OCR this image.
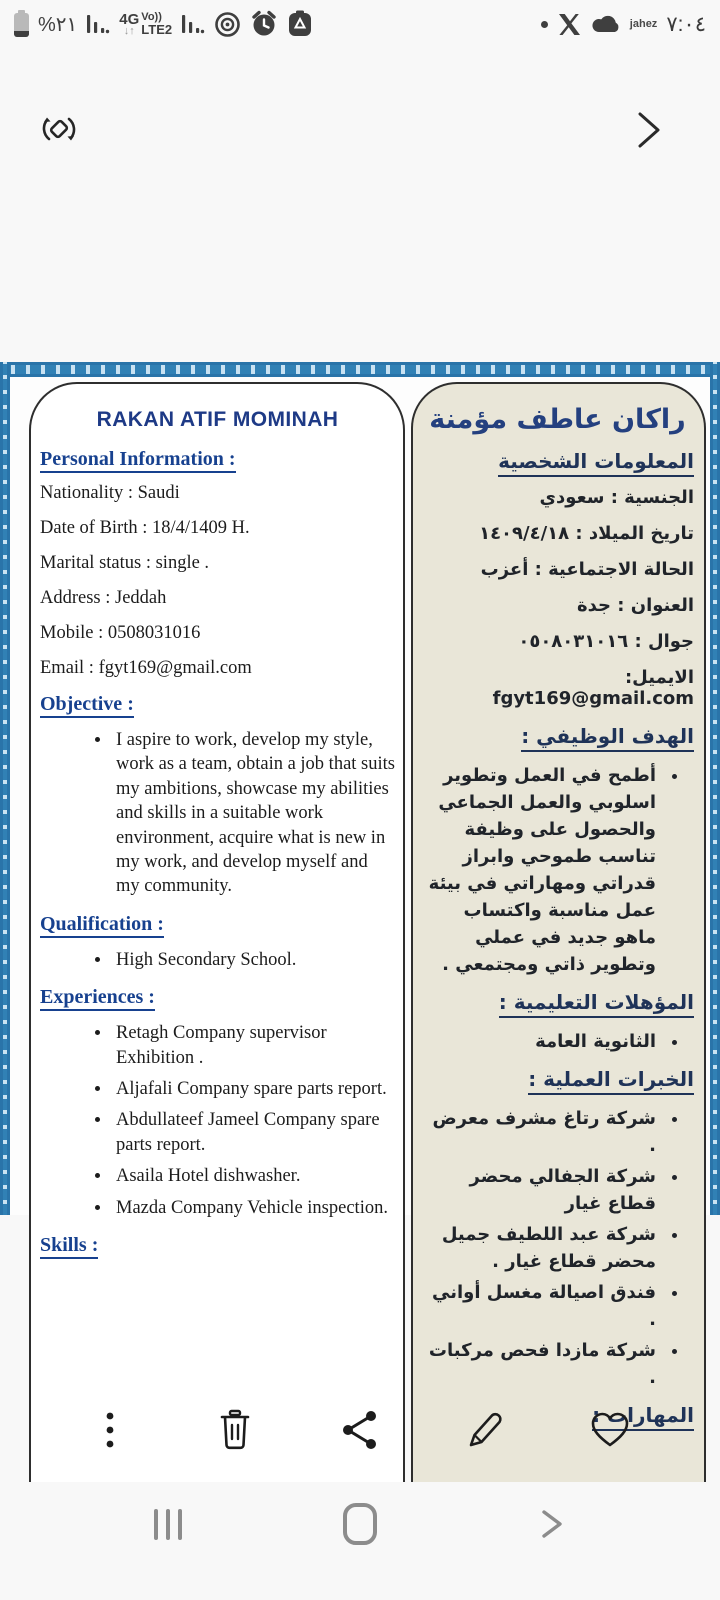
%٢١	4G
↓↑
Vo))
LTE2	jahez ٧:٠٤
RAKAN ATIF MOMINAH
Personal Information :

Nationality : Saudi

Date of Birth : 18/4/1409 H.

Marital status : single .

Address : Jeddah

Mobile : 0508031016

Email : fgyt169@gmail.com

Objective :
• I aspire to work, develop my style, work as a team, obtain a job that suits my ambitions, showcase my abilities and skills in a suitable work environment, acquire what is new in my work, and develop myself and my community.
Qualification :
• High Secondary School.
Experiences :
• Retagh Company supervisor Exhibition .
• Aljafali Company spare parts report.
• Abdullateef Jameel Company spare parts report.
• Asaila Hotel dishwasher.
• Mazda Company Vehicle inspection.
Skills :
راكان عاطف مؤمنة
المعلومات الشخصية

الجنسية : سعودي

تاريخ الميلاد : ١٤٠٩/٤/١٨

الحالة الاجتماعية : أعزب

العنوان : جدة

جوال : ٠٥٠٨٠٣١٠١٦

الايميل: fgyt169@gmail.com

الهدف الوظيفي :
• أطمح في العمل وتطوير اسلوبي والعمل الجماعي والحصول على وظيفة تناسب طموحي وابراز قدراتي ومهاراتي في بيئة عمل مناسبة واكتساب ماهو جديد في عملي وتطوير ذاتي ومجتمعي .
المؤهلات التعليمية :
• الثانوية العامة
الخبرات العملية :
• شركة رتاغ مشرف معرض .
• شركة الجفالي محضر قطاع غيار
• شركة عبد اللطيف جميل محضر قطاع غيار .
• فندق اصيالة مغسل أواني .
• شركة مازدا فحص مركبات .
المهارات :
